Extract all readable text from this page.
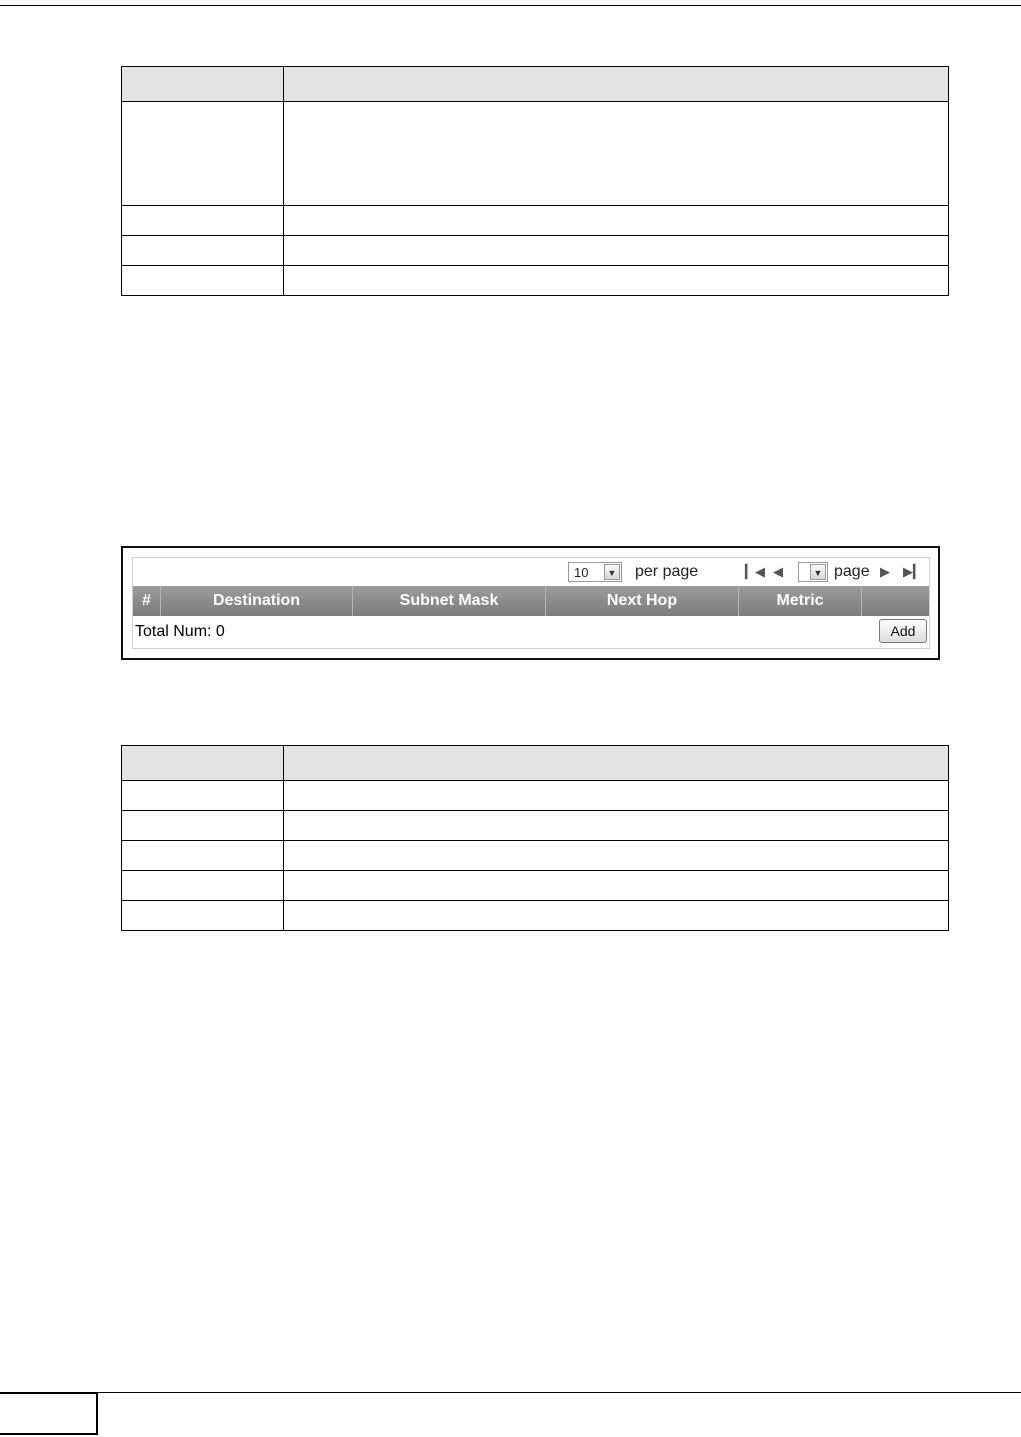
10	▼ per page	▎◀ ◀	▼ page ▶ ▶▎
#	Destination	Subnet Mask	Next Hop	Metric
Total Num: 0	Add
